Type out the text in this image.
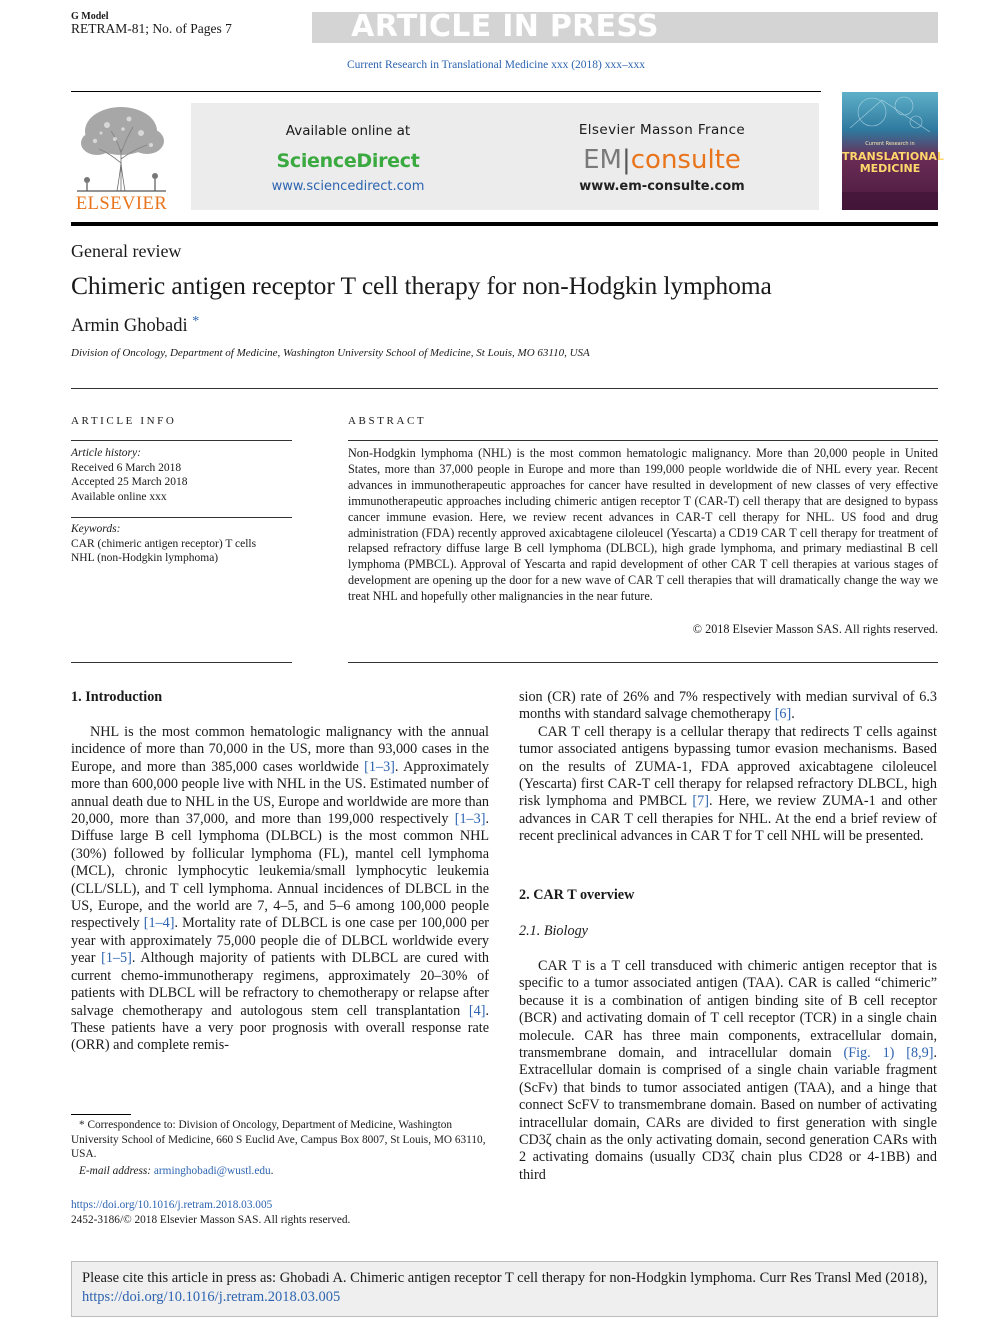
G Model
RETRAM-81; No. of Pages 7	ARTICLE IN PRESS
Current Research in Translational Medicine xxx (2018) xxx–xxx
ELSEVIER
Available online at
ScienceDirect
www.sciencedirect.com
Elsevier Masson France
EM|consulte
www.em-consulte.com
Current Research in
TRANSLATIONAL
MEDICINE
General review
Chimeric antigen receptor T cell therapy for non-Hodgkin lymphoma
Armin Ghobadi *
Division of Oncology, Department of Medicine, Washington University School of Medicine, St Louis, MO 63110, USA
ARTICLE INFO
Article history:
Received 6 March 2018
Accepted 25 March 2018
Available online xxx
Keywords:
CAR (chimeric antigen receptor) T cells
NHL (non-Hodgkin lymphoma)
ABSTRACT
Non-Hodgkin lymphoma (NHL) is the most common hematologic malignancy. More than 20,000 people in United States, more than 37,000 people in Europe and more than 199,000 people worldwide die of NHL every year. Recent advances in immunotherapeutic approaches for cancer have resulted in development of new classes of very effective immunotherapeutic approaches including chimeric antigen receptor T (CAR-T) cell therapy that are designed to bypass cancer immune evasion. Here, we review recent advances in CAR-T cell therapy for NHL. US food and drug administration (FDA) recently approved axicabtagene ciloleucel (Yescarta) a CD19 CAR T cell therapy for treatment of relapsed refractory diffuse large B cell lymphoma (DLBCL), high grade lymphoma, and primary mediastinal B cell lymphoma (PMBCL). Approval of Yescarta and rapid development of other CAR T cell therapies at various stages of development are opening up the door for a new wave of CAR T cell therapies that will dramatically change the way we treat NHL and hopefully other malignancies in the near future.
© 2018 Elsevier Masson SAS. All rights reserved.
1. Introduction

NHL is the most common hematologic malignancy with the annual incidence of more than 70,000 in the US, more than 93,000 cases in the Europe, and more than 385,000 cases worldwide [1–3]. Approximately more than 600,000 people live with NHL in the US. Estimated number of annual death due to NHL in the US, Europe and worldwide are more than 20,000, more than 37,000, and more than 199,000 respectively [1–3]. Diffuse large B cell lymphoma (DLBCL) is the most common NHL (30%) followed by follicular lymphoma (FL), mantel cell lymphoma (MCL), chronic lymphocytic leukemia/small lymphocytic leukemia (CLL/SLL), and T cell lymphoma. Annual incidences of DLBCL in the US, Europe, and the world are 7, 4–5, and 5–6 among 100,000 people respectively [1–4]. Mortality rate of DLBCL is one case per 100,000 per year with approximately 75,000 people die of DLBCL worldwide every year [1–5]. Although majority of patients with DLBCL are cured with current chemo-immunotherapy regimens, approximately 20–30% of patients with DLBCL will be refractory to chemotherapy or relapse after salvage chemotherapy and autologous stem cell transplantation [4]. These patients have a very poor prognosis with overall response rate (ORR) and complete remis-

sion (CR) rate of 26% and 7% respectively with median survival of 6.3 months with standard salvage chemotherapy [6].

CAR T cell therapy is a cellular therapy that redirects T cells against tumor associated antigens bypassing tumor evasion mechanisms. Based on the results of ZUMA-1, FDA approved axicabtagene ciloleucel (Yescarta) first CAR-T cell therapy for relapsed refractory DLBCL, high risk lymphoma and PMBCL [7]. Here, we review ZUMA-1 and other advances in CAR T cell therapies for NHL. At the end a brief review of recent preclinical advances in CAR T for T cell NHL will be presented.

2. CAR T overview
2.1. Biology

CAR T is a T cell transduced with chimeric antigen receptor that is specific to a tumor associated antigen (TAA). CAR is called “chimeric” because it is a combination of antigen binding site of B cell receptor (BCR) and activating domain of T cell receptor (TCR) in a single chain molecule. CAR has three main components, extracellular domain, transmembrane domain, and intracellular domain (Fig. 1) [8,9]. Extracellular domain is comprised of a single chain variable fragment (ScFv) that binds to tumor associated antigen (TAA), and a hinge that connect ScFV to transmembrane domain. Based on number of activating intracellular domain, CARs are divided to first generation with single CD3ζ chain as the only activating domain, second generation CARs with 2 activating domains (usually CD3ζ chain plus CD28 or 4-1BB) and third

* Correspondence to: Division of Oncology, Department of Medicine, Washington University School of Medicine, 660 S Euclid Ave, Campus Box 8007, St Louis, MO 63110, USA.
E-mail address: arminghobadi@wustl.edu.
https://doi.org/10.1016/j.retram.2018.03.005
2452-3186/© 2018 Elsevier Masson SAS. All rights reserved.
Please cite this article in press as: Ghobadi A. Chimeric antigen receptor T cell therapy for non-Hodgkin lymphoma. Curr Res Transl Med (2018), https://doi.org/10.1016/j.retram.2018.03.005
